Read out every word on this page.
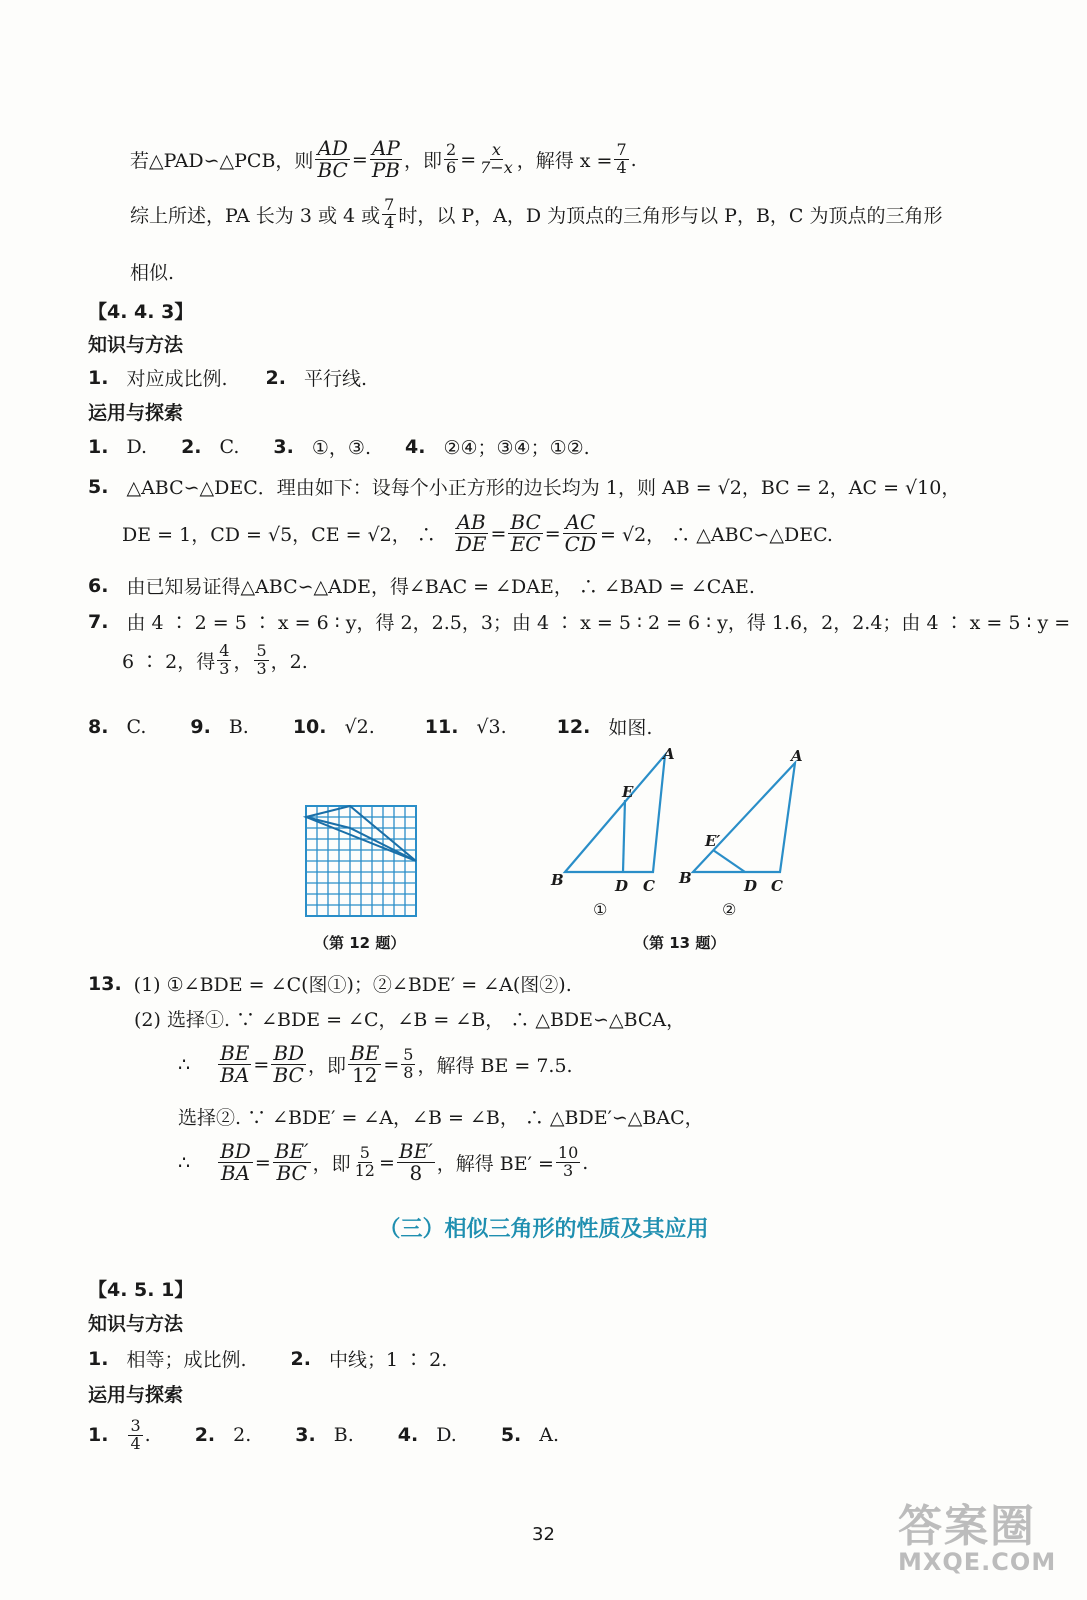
若△PAD∽△PCB，则 $\frac{AD}{BC} = \frac{AP}{PB}$ ，即 $\frac{2}{6} = \frac{x}{7-x}$ ，解得 $x = \frac{7}{4}$ .
综上所述，PA 长为 3 或 4 或 $\frac{7}{4}$ 时，以 P，A，D 为顶点的三角形与以 P，B，C 为顶点的三角形
相似.
【4. 4. 3】
知识与方法
1. 对应成比例. 2. 平行线.
运用与探索
1. D. 2. C. 3. ①，③. 4. ②④；③④；①②.
5. △ABC∽△DEC．理由如下：设每个小正方形的边长均为 1，则 AB = √2，BC = 2，AC = √10，
DE = 1，CD = √5，CE = √2， ∴ $\frac{AB}{DE} = \frac{BC}{EC} = \frac{AC}{CD} = √2$， ∴ △ABC∽△DEC.
6. 由已知易证得△ABC∽△ADE，得∠BAC = ∠DAE， ∴ ∠BAD = ∠CAE.
7. 由 4 ∶ 2 = 5 ∶ x = 6 ∶ y，得 2，2.5，3；由 4 ∶ x = 5 ∶ 2 = 6 ∶ y，得 1.6，2，2.4；由 4 ∶ x = 5 ∶ y =
6 ∶ 2，得 $\frac{4}{3}$ ， $\frac{5}{3}$ ，2.
8. C. 9. B. 10. √2.	11. √3.	12. 如图.
（第 12 题）
A
E
B	D C
A
E′
B	D C
①	②
（第 13 题）
13. (1) ①∠BDE = ∠C(图①)；②∠BDE′ = ∠A(图②).
(2) 选择①. ∵ ∠BDE = ∠C，∠B = ∠B， ∴ △BDE∽△BCA，
∴ $\frac{BE}{BA} = \frac{BD}{BC}$ ，即 $\frac{BE}{12} = \frac{5}{8}$ ，解得 BE = 7.5.
选择②. ∵ ∠BDE′ = ∠A，∠B = ∠B， ∴ △BDE′∽△BAC，
∴ $\frac{BD}{BA} = \frac{BE'}{BC}$ ，即 $\frac{5}{12} = \frac{BE'}{8}$ ，解得 $BE' = \frac{10}{3}$ .
（三）相似三角形的性质及其应用
【4. 5. 1】
知识与方法
1. 相等；成比例. 2. 中线；1 ∶ 2.
运用与探索
1. $\frac{3}{4}$ . 2. 2. 3. B. 4. D. 5. A.
32	答案圈
MXQE.COM
